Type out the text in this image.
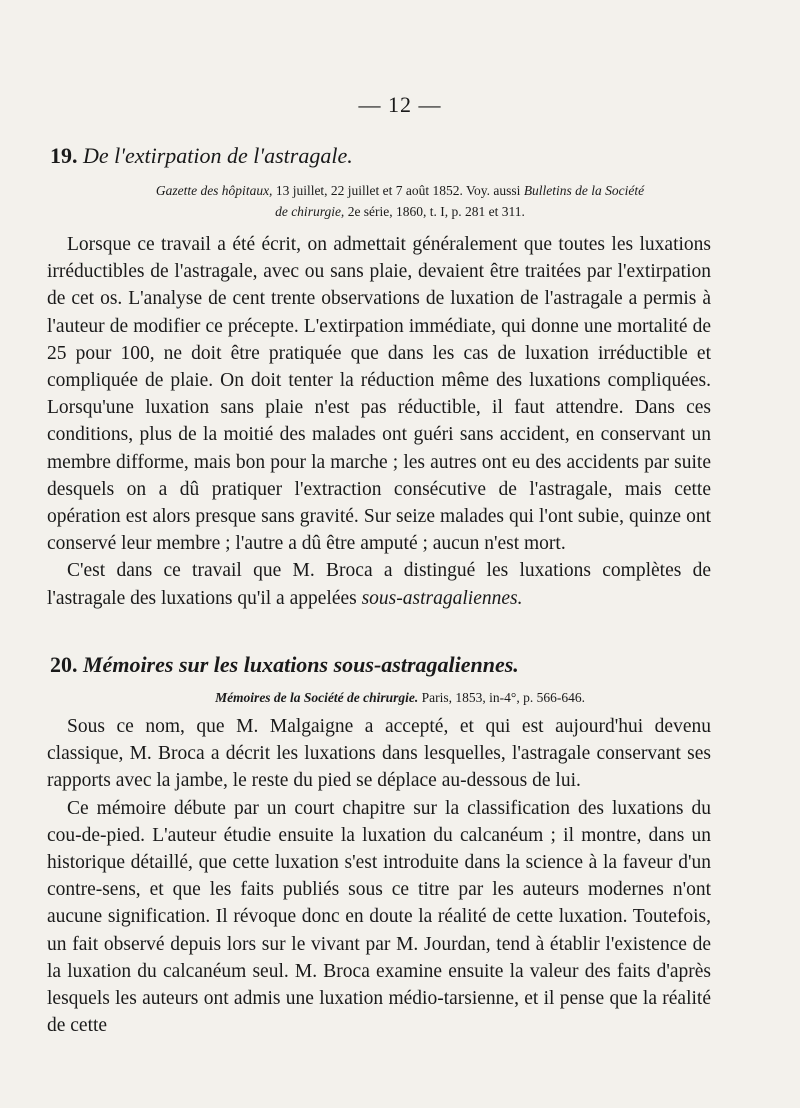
— 12 —
19. De l'extirpation de l'astragale.
Gazette des hôpitaux, 13 juillet, 22 juillet et 7 août 1852. Voy. aussi Bulletins de la Société
de chirurgie, 2e série, 1860, t. I, p. 281 et 311.

Lorsque ce travail a été écrit, on admettait généralement que toutes les luxations irréductibles de l'astragale, avec ou sans plaie, devaient être traitées par l'extirpation de cet os. L'analyse de cent trente observations de luxation de l'astragale a permis à l'auteur de modifier ce précepte. L'extirpation immédiate, qui donne une mortalité de 25 pour 100, ne doit être pratiquée que dans les cas de luxation irréductible et compliquée de plaie. On doit tenter la réduction même des luxations compliquées. Lorsqu'une luxation sans plaie n'est pas réductible, il faut attendre. Dans ces conditions, plus de la moitié des malades ont guéri sans accident, en conservant un membre difforme, mais bon pour la marche ; les autres ont eu des accidents par suite desquels on a dû pratiquer l'extraction consécutive de l'astragale, mais cette opération est alors presque sans gravité. Sur seize malades qui l'ont subie, quinze ont conservé leur membre ; l'autre a dû être amputé ; aucun n'est mort.

C'est dans ce travail que M. Broca a distingué les luxations complètes de l'astragale des luxations qu'il a appelées sous-astragaliennes.

20. Mémoires sur les luxations sous-astragaliennes.
Mémoires de la Société de chirurgie. Paris, 1853, in-4°, p. 566-646.

Sous ce nom, que M. Malgaigne a accepté, et qui est aujourd'hui devenu classique, M. Broca a décrit les luxations dans lesquelles, l'astragale conservant ses rapports avec la jambe, le reste du pied se déplace au-dessous de lui.

Ce mémoire débute par un court chapitre sur la classification des luxations du cou-de-pied. L'auteur étudie ensuite la luxation du calcanéum ; il montre, dans un historique détaillé, que cette luxation s'est introduite dans la science à la faveur d'un contre-sens, et que les faits publiés sous ce titre par les auteurs modernes n'ont aucune signification. Il révoque donc en doute la réalité de cette luxation. Toutefois, un fait observé depuis lors sur le vivant par M. Jourdan, tend à établir l'existence de la luxation du calcanéum seul. M. Broca examine ensuite la valeur des faits d'après lesquels les auteurs ont admis une luxation médio-tarsienne, et il pense que la réalité de cette
